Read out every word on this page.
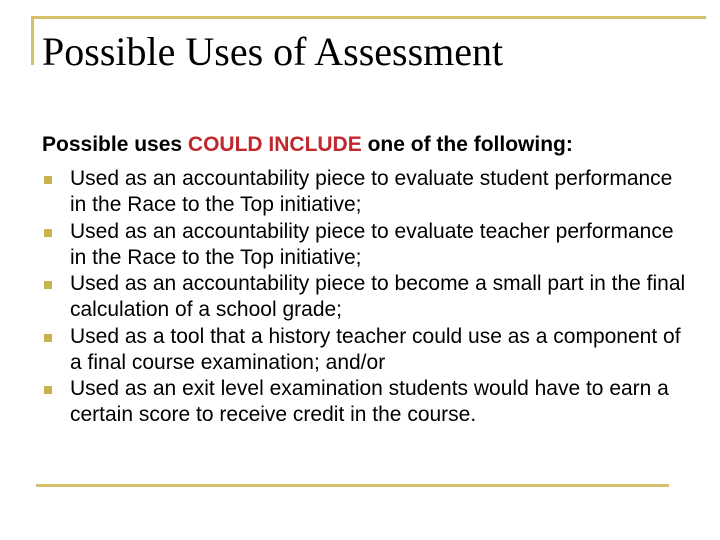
Possible Uses of Assessment

Possible uses COULD INCLUDE one of the following:

Used as an accountability piece to evaluate student performance in the Race to the Top initiative;
Used as an accountability piece to evaluate teacher performance in the Race to the Top initiative;
Used as an accountability piece to become a small part in the final calculation of a school grade;
Used as a tool that a history teacher could use as a component of a final course examination; and/or
Used as an exit level examination students would have to earn a certain score to receive credit in the course.
